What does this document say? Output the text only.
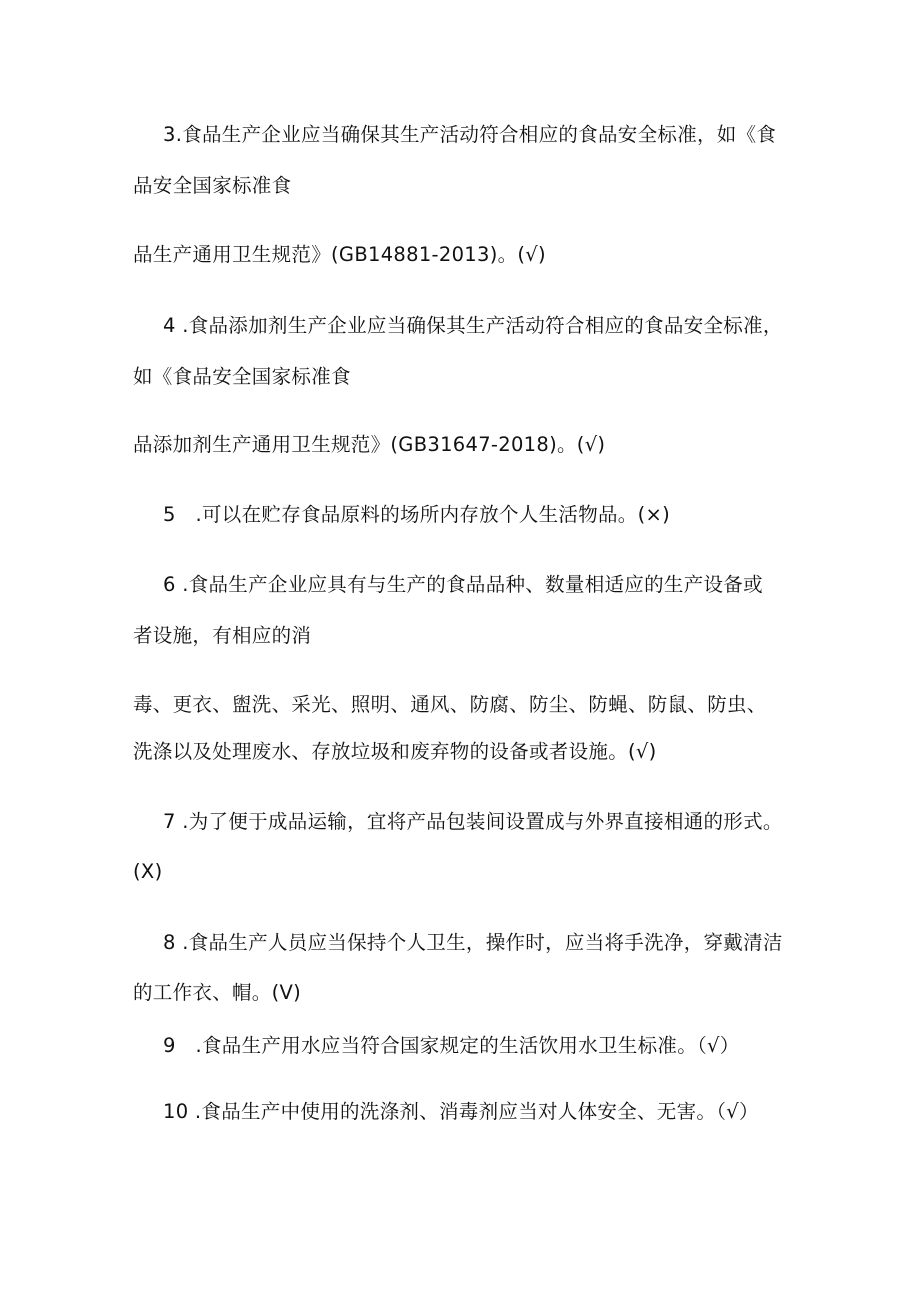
3.食品生产企业应当确保其生产活动符合相应的食品安全标准，如《食
品安全国家标准食
品生产通用卫生规范》(GB14881-2013)。(√)
4 .食品添加剂生产企业应当确保其生产活动符合相应的食品安全标准，
如《食品安全国家标准食
品添加剂生产通用卫生规范》(GB31647-2018)。(√)
5　.可以在贮存食品原料的场所内存放个人生活物品。(×)
6 .食品生产企业应具有与生产的食品品种、数量相适应的生产设备或
者设施，有相应的消
毒、更衣、盥洗、采光、照明、通风、防腐、防尘、防蝇、防鼠、防虫、
洗涤以及处理废水、存放垃圾和废弃物的设备或者设施。(√)
7 .为了便于成品运输，宜将产品包装间设置成与外界直接相通的形式。
(X)
8 .食品生产人员应当保持个人卫生，操作时，应当将手洗净，穿戴清洁
的工作衣、帽。(V)
9　.食品生产用水应当符合国家规定的生活饮用水卫生标准。（√）
10 .食品生产中使用的洗涤剂、消毒剂应当对人体安全、无害。（√）
